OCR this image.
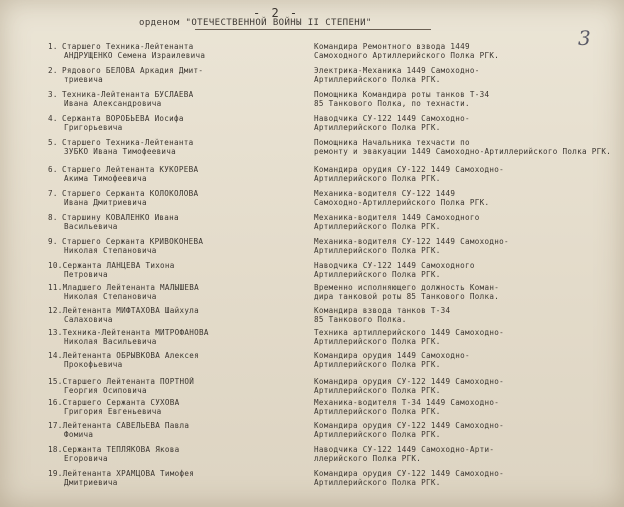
- 2 -
орденом "ОТЕЧЕСТВЕННОЙ ВОЙНЫ II СТЕПЕНИ"
3
1. Старшего Техника-Лейтенанта
АНДРУЩЕНКО Семена Израилевича
Командира Ремонтного взвода 1449
Самоходного Артиллерийского Полка РГК.
2. Рядового БЕЛОВА Аркадия Дмит-
триевича
Электрика-Механика 1449 Самоходно-
Артиллерийского Полка РГК.
3. Техника-Лейтенанта БУСЛАЕВА
Ивана Александровича
Помощника Командира роты танков Т-34
85 Танкового Полка, по технасти.
4. Сержанта ВОРОБЬЕВА Иосифа
Григорьевича
Наводчика СУ-122 1449 Самоходно-
Артиллерийского Полка РГК.
5. Старшего Техника-Лейтенанта
ЗУБКО Ивана Тимофеевича
Помощника Начальника техчасти по
ремонту и эвакуации 1449 Самоходно-Артиллерийского Полка РГК.
6. Старшего Лейтенанта КУКОРЕВА
Акима Тимофеевича
Командира орудия СУ-122 1449 Самоходно-
Артиллерийского Полка РГК.
7. Старшего Сержанта КОЛОКОЛОВА
Ивана Дмитриевича
Механика-водителя СУ-122 1449
Самоходно-Артиллерийского Полка РГК.
8. Старшину КОВАЛЕНКО Ивана
Васильевича
Механика-водителя 1449 Самоходного
Артиллерийского Полка РГК.
9. Старшего Сержанта КРИВОКОНЕВА
Николая Степановича
Механика-водителя СУ-122 1449 Самоходно-
Артиллерийского Полка РГК.
10.Сержанта ЛАНЦЕВА Тихона
Петровича
Наводчика СУ-122 1449 Самоходного
Артиллерийского Полка РГК.
11.Младшего Лейтенанта МАЛЫШЕВА
Николая Степановича
Временно исполняющего должность Коман-
дира танковой роты 85 Танкового Полка.
12.Лейтенанта МИФТАХОВА Шайхула
Салаховича
Командира взвода танков Т-34
85 Танкового Полка.
13.Техника-Лейтенанта МИТРОФАНОВА
Николая Васильевича
Техника артиллерийского 1449 Самоходно-
Артиллерийского Полка РГК.
14.Лейтенанта ОБРЫВКОВА Алексея
Прокофьевича
Командира орудия 1449 Самоходно-
Артиллерийского Полка РГК.
15.Старшего Лейтенанта ПОРТНОЙ
Георгия Осиповича
Командира орудия СУ-122 1449 Самоходно-
Артиллерийского Полка РГК.
16.Старшего Сержанта СУХОВА
Григория Евгеньевича
Механика-водителя Т-34 1449 Самоходно-
Артиллерийского Полка РГК.
17.Лейтенанта САВЕЛЬЕВА Павла
Фомича
Командира орудия СУ-122 1449 Самоходно-
Артиллерийского Полка РГК.
18.Сержанта ТЕПЛЯКОВА Якова
Егоровича
Наводчика СУ-122 1449 Самоходно-Арти-
ллерийского Полка РГК.
19.Лейтенанта ХРАМЦОВА Тимофея
Дмитриевича
Командира орудия СУ-122 1449 Самоходно-
Артиллерийского Полка РГК.
